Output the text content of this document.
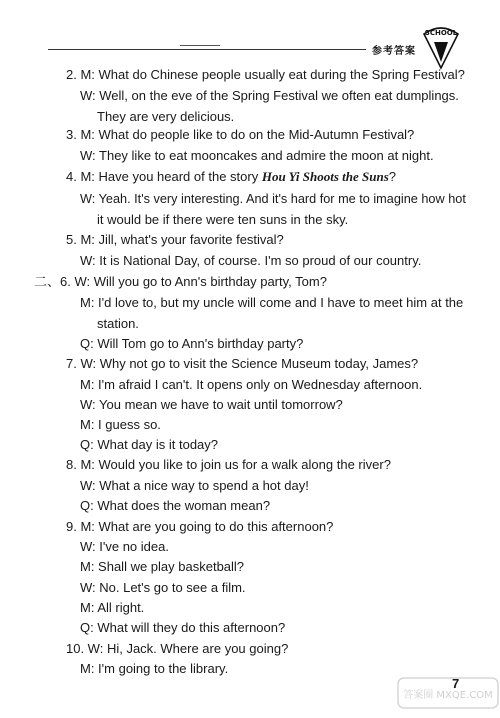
参考答案
SCHOOL
2. M: What do Chinese people usually eat during the Spring Festival?
W: Well, on the eve of the Spring Festival we often eat dumplings.
They are very delicious.
3. M: What do people like to do on the Mid-Autumn Festival?
W: They like to eat mooncakes and admire the moon at night.
4. M: Have you heard of the story Hou Yi Shoots the Suns?
W: Yeah. It's very interesting. And it's hard for me to imagine how hot
it would be if there were ten suns in the sky.
5. M: Jill, what's your favorite festival?
W: It is National Day, of course. I'm so proud of our country.
二、6. W: Will you go to Ann's birthday party, Tom?
M: I'd love to, but my uncle will come and I have to meet him at the
station.
Q: Will Tom go to Ann's birthday party?
7. W: Why not go to visit the Science Museum today, James?
M: I'm afraid I can't. It opens only on Wednesday afternoon.
W: You mean we have to wait until tomorrow?
M: I guess so.
Q: What day is it today?
8. M: Would you like to join us for a walk along the river?
W: What a nice way to spend a hot day!
Q: What does the woman mean?
9. M: What are you going to do this afternoon?
W: I've no idea.
M: Shall we play basketball?
W: No. Let's go to see a film.
M: All right.
Q: What will they do this afternoon?
10. W: Hi, Jack. Where are you going?
M: I'm going to the library.
答案圈 MXQE.COM
7
